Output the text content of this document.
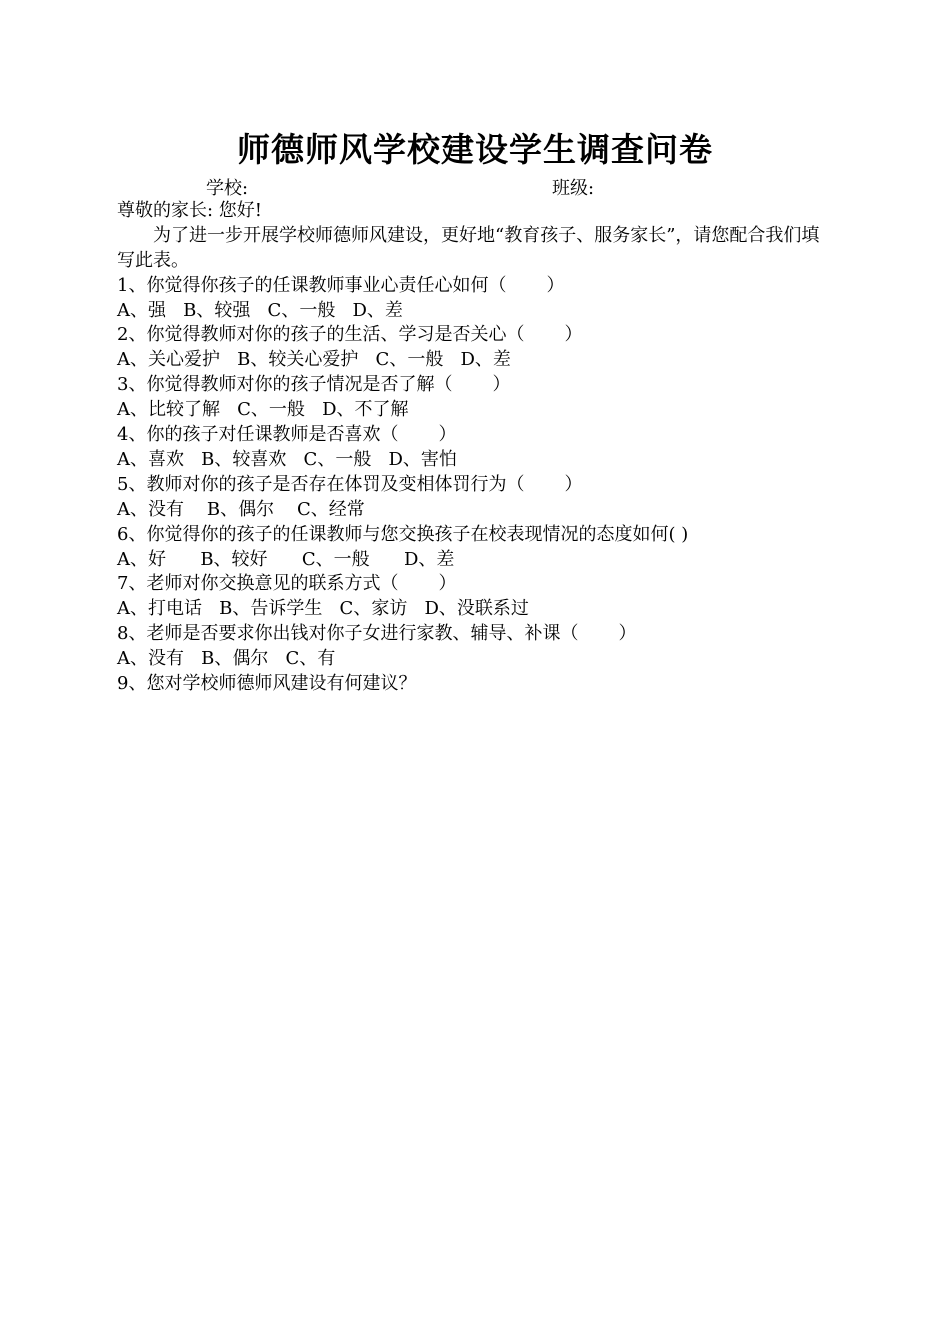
师德师风学校建设学生调查问卷
学校:	班级:
尊敬的家长: 您好!
为了进一步开展学校师德师风建设，更好地“教育孩子、服务家长”，请您配合我们填写此表。
1、你觉得你孩子的任课教师事业心责任心如何（       ）
A、强   B、较强   C、一般   D、差
2、你觉得教师对你的孩子的生活、学习是否关心（       ）
A、关心爱护   B、较关心爱护   C、一般   D、差
3、你觉得教师对你的孩子情况是否了解（       ）
A、比较了解   C、一般   D、不了解
4、你的孩子对任课教师是否喜欢（       ）
A、喜欢   B、较喜欢   C、一般   D、害怕
5、教师对你的孩子是否存在体罚及变相体罚行为（       ）
A、没有    B、偶尔    C、经常
6、你觉得你的孩子的任课教师与您交换孩子在校表现情况的态度如何( )
A、好      B、较好      C、一般      D、差
7、老师对你交换意见的联系方式（       ）
A、打电话   B、告诉学生   C、家访   D、没联系过
8、老师是否要求你出钱对你子女进行家教、辅导、补课（       ）
A、没有   B、偶尔   C、有
9、您对学校师德师风建设有何建议？
